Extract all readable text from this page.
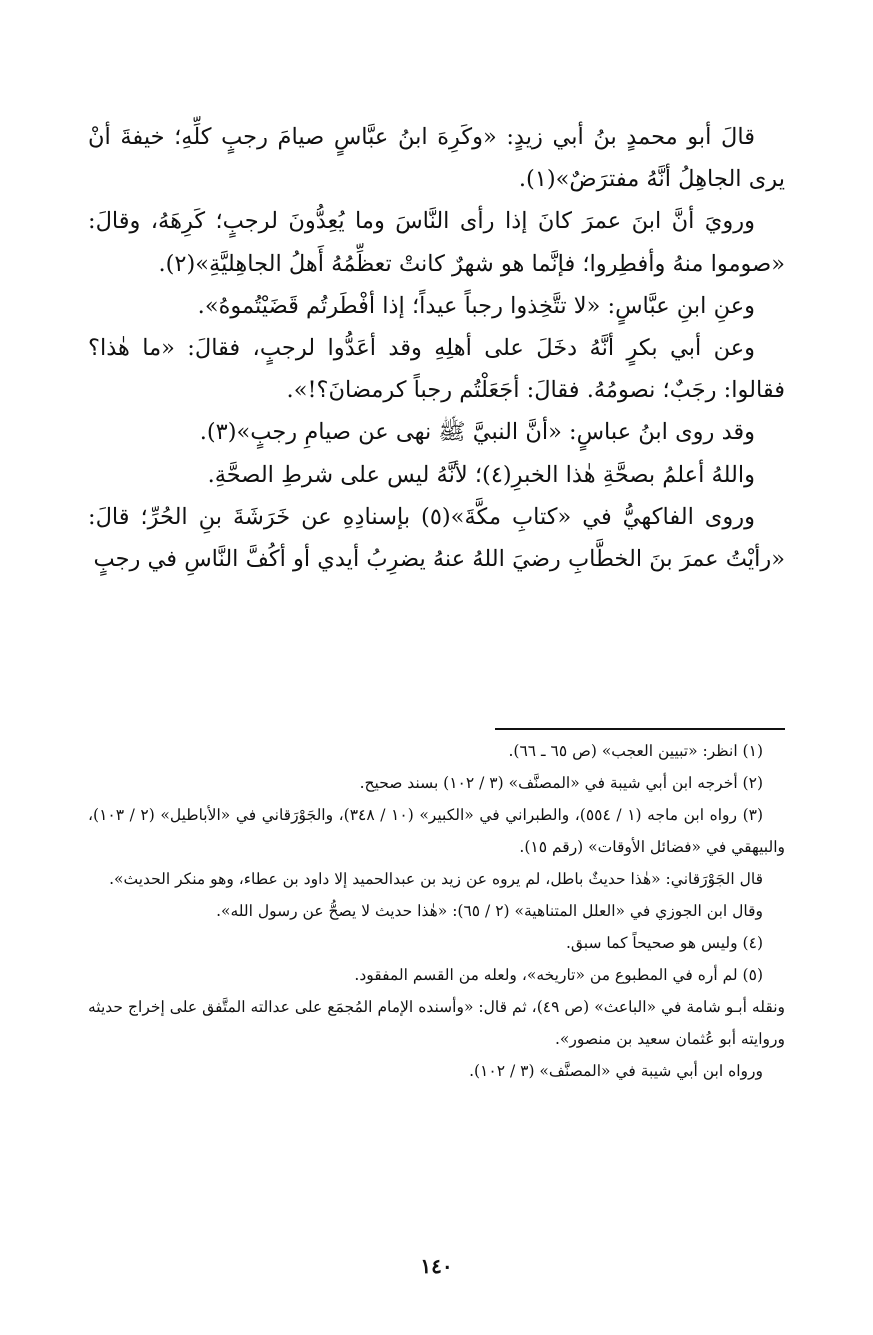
قالَ أبو محمدٍ بنُ أبي زيدٍ: «وكَرِهَ ابنُ عبَّاسٍ صيامَ رجبٍ كلِّهِ؛ خيفةَ أنْ يرى الجاهِلُ أنَّهُ مفترَضٌ»(١).

ورويَ أنَّ ابنَ عمرَ كانَ إذا رأى النَّاسَ وما يُعِدُّونَ لرجبٍ؛ كَرِهَهُ، وقالَ: «صوموا منهُ وأفطِروا؛ فإنَّما هو شهرٌ كانتْ تعظِّمُهُ أَهلُ الجاهِليَّةِ»(٢).

وعنِ ابنِ عبَّاسٍ: «لا تتَّخِذوا رجباً عيداً؛ إذا أفْطَرتُم قَضَيْتُموهُ».

وعن أبي بكرٍ أنَّهُ دخَلَ على أهلِهِ وقد أعَدُّوا لرجبٍ، فقالَ: «ما هٰذا؟ فقالوا: رجَبٌ؛ نصومُهُ. فقالَ: أجَعَلْتُم رجباً كرمضانَ؟!».

وقد روى ابنُ عباسٍ: «أنَّ النبيَّ ﷺ نهى عن صيامِ رجبٍ»(٣).

واللهُ أعلمُ بصحَّةِ هٰذا الخبرِ(٤)؛ لأنَّهُ ليس على شرطِ الصحَّةِ.

وروى الفاكهيُّ في «كتابِ مكَّةَ»(٥) بإسنادِهِ عن خَرَشَةَ بنِ الحُرِّ؛ قالَ: «رأيْتُ عمرَ بنَ الخطَّابِ رضيَ اللهُ عنهُ يضرِبُ أيدي أو أكُفَّ النَّاسِ في رجبٍ

(١) انظر: «تبيين العجب» (ص ٦٥ ـ ٦٦).

(٢) أخرجه ابن أبي شيبة في «المصنَّف» (٣ / ١٠٢) بسند صحيح.

(٣) رواه ابن ماجه (١ / ٥٥٤)، والطبراني في «الكبير» (١٠ / ٣٤٨)، والجَوْرَقاني في «الأباطيل» (٢ / ١٠٣)، والبيهقي في «فضائل الأوقات» (رقم ١٥).

قال الجَوْرَقاني: «هٰذا حديثٌ باطل، لم يروه عن زيد بن عبدالحميد إلا داود بن عطاء، وهو منكر الحديث».

وقال ابن الجوزي في «العلل المتناهية» (٢ / ٦٥): «هٰذا حديث لا يصحُّ عن رسول الله».

(٤) وليس هو صحيحاً كما سبق.

(٥) لم أره في المطبوع من «تاريخه»، ولعله من القسم المفقود.

ونقله أبـو شامة في «الباعث» (ص ٤٩)، ثم قال: «وأسنده الإمام المُجمَع على عدالته المتَّفق على إخراج حديثه وروايته أبو عُثمان سعيد بن منصور».

ورواه ابن أبي شيبة في «المصنَّف» (٣ / ١٠٢).

١٤٠
